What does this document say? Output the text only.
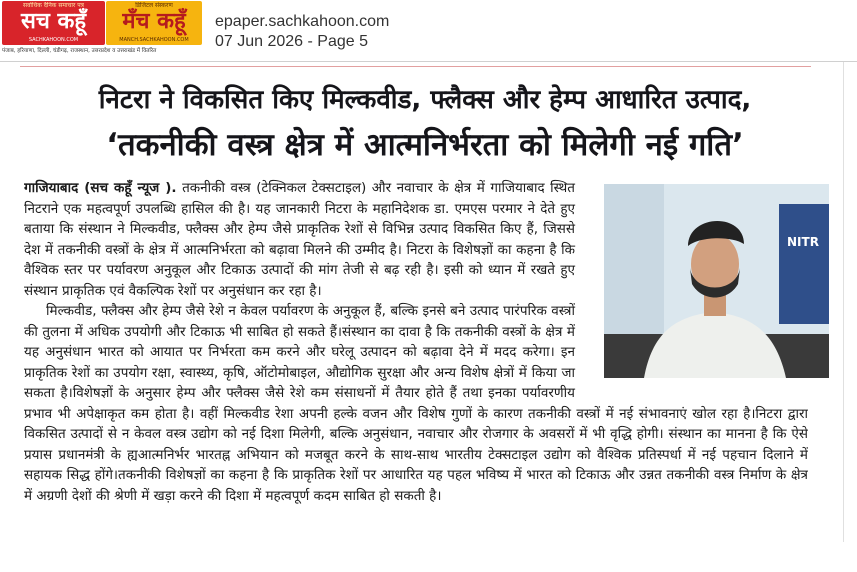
सर्वाधिक दैनिक समाचार पत्र
सच कहूँ
SACHKAHOON.COM
डिजिटल संस्करण
मँच कहूँ
MANCH.SACHKAHOON.COM
पंजाब, हरियाणा, दिल्ली, चंडीगढ़, राजस्थान, उत्तरप्रदेश व उत्तराखंड में वितरित
epaper.sachkahoon.com
07 Jun 2026 - Page 5
निटरा ने विकसित किए मिल्कवीड, फ्लैक्स और हेम्प आधारित उत्पाद,
‘तकनीकी वस्त्र क्षेत्र में आत्मनिर्भरता को मिलेगी नई गति’
NITR

गाजियाबाद (सच कहूँ न्यूज ). तकनीकी वस्त्र (टेक्निकल टेक्सटाइल) और नवाचार के क्षेत्र में गाजियाबाद स्थित निटराने एक महत्वपूर्ण उपलब्धि हासिल की है। यह जानकारी निटरा के महानिदेशक डा. एमएस परमार ने देते हुए बताया कि संस्थान ने मिल्कवीड, फ्लैक्स और हेम्प जैसे प्राकृतिक रेशों से विभिन्न उत्पाद विकसित किए हैं, जिससे देश में तकनीकी वस्त्रों के क्षेत्र में आत्मनिर्भरता को बढ़ावा मिलने की उम्मीद है। निटरा के विशेषज्ञों का कहना है कि वैश्विक स्तर पर पर्यावरण अनुकूल और टिकाऊ उत्पादों की मांग तेजी से बढ़ रही है। इसी को ध्यान में रखते हुए संस्थान प्राकृतिक एवं वैकल्पिक रेशों पर अनुसंधान कर रहा है।

मिल्कवीड, फ्लैक्स और हेम्प जैसे रेशे न केवल पर्यावरण के अनुकूल हैं, बल्कि इनसे बने उत्पाद पारंपरिक वस्त्रों की तुलना में अधिक उपयोगी और टिकाऊ भी साबित हो सकते हैं।संस्थान का दावा है कि तकनीकी वस्त्रों के क्षेत्र में यह अनुसंधान भारत को आयात पर निर्भरता कम करने और घरेलू उत्पादन को बढ़ावा देने में मदद करेगा। इन प्राकृतिक रेशों का उपयोग रक्षा, स्वास्थ्य, कृषि, ऑटोमोबाइल, औद्योगिक सुरक्षा और अन्य विशेष क्षेत्रों में किया जा सकता है।विशेषज्ञों के अनुसार हेम्प और फ्लैक्स जैसे रेशे कम संसाधनों में तैयार होते हैं तथा इनका पर्यावरणीय प्रभाव भी अपेक्षाकृत कम होता है। वहीं मिल्कवीड रेशा अपनी हल्के वजन और विशेष गुणों के कारण तकनीकी वस्त्रों में नई संभावनाएं खोल रहा है।निटरा द्वारा विकसित उत्पादों से न केवल वस्त्र उद्योग को नई दिशा मिलेगी, बल्कि अनुसंधान, नवाचार और रोजगार के अवसरों में भी वृद्धि होगी। संस्थान का मानना है कि ऐसे प्रयास प्रधानमंत्री के ह्यआत्मनिर्भर भारतह्न अभियान को मजबूत करने के साथ-साथ भारतीय टेक्सटाइल उद्योग को वैश्विक प्रतिस्पर्धा में नई पहचान दिलाने में सहायक सिद्ध होंगे।तकनीकी विशेषज्ञों का कहना है कि प्राकृतिक रेशों पर आधारित यह पहल भविष्य में भारत को टिकाऊ और उन्नत तकनीकी वस्त्र निर्माण के क्षेत्र में अग्रणी देशों की श्रेणी में खड़ा करने की दिशा में महत्वपूर्ण कदम साबित हो सकती है।
